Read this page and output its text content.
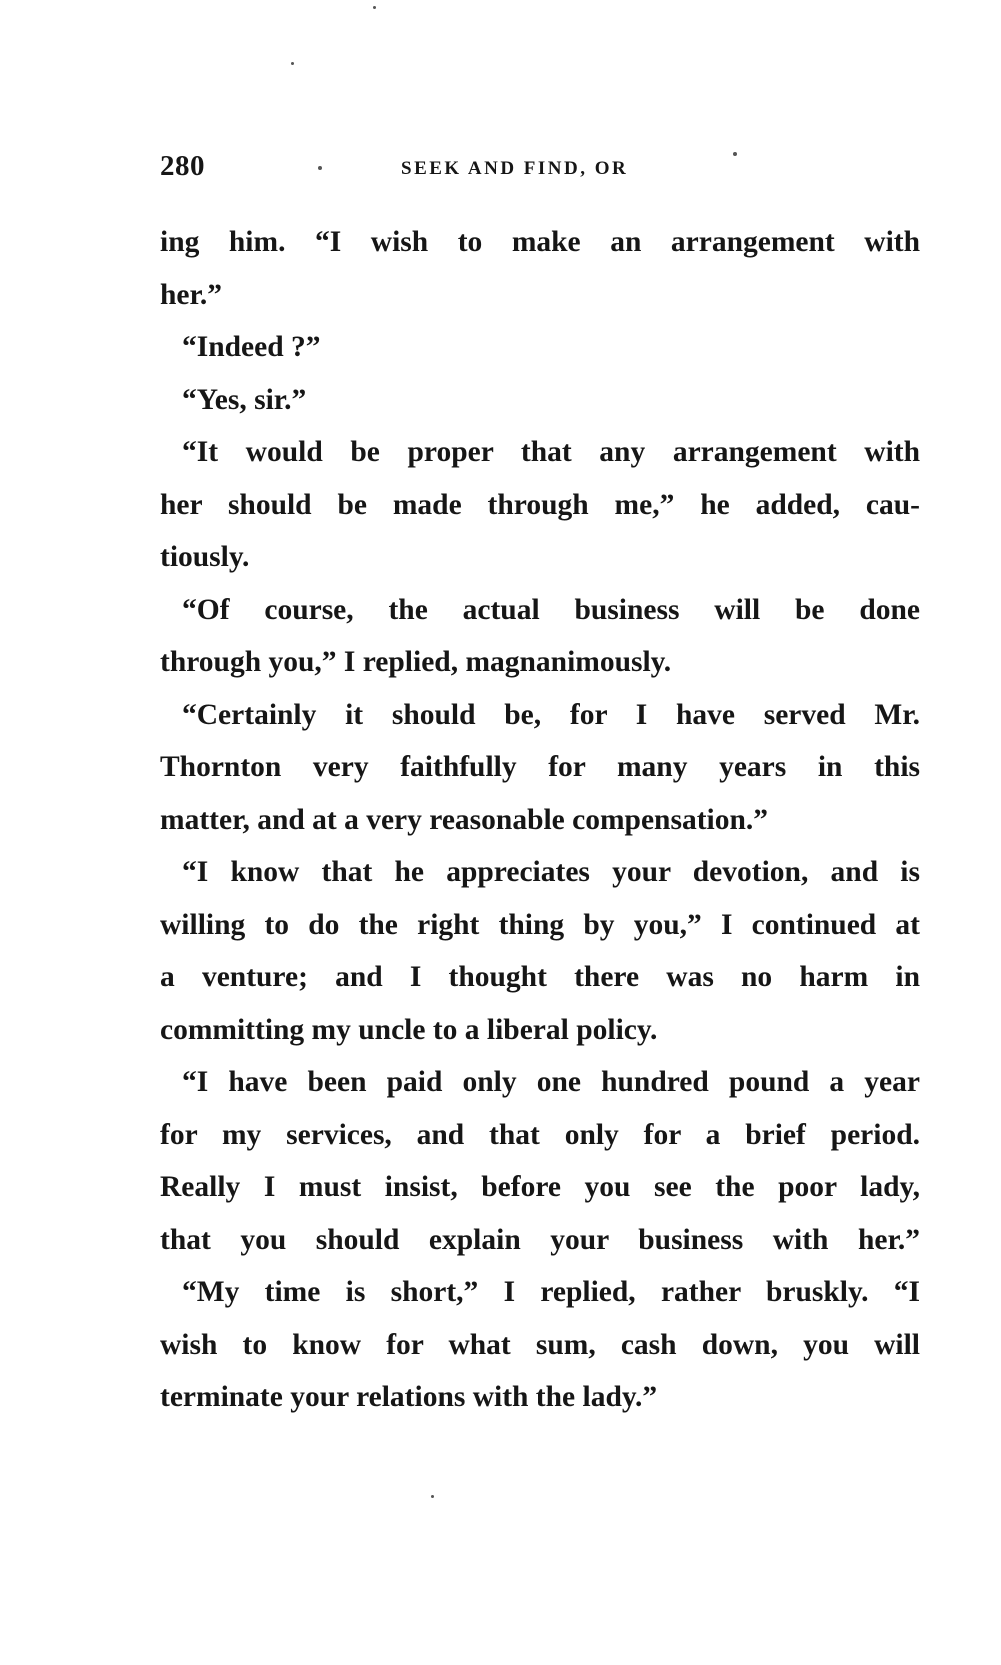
280	SEEK AND FIND, OR
ing him. “I wish to make an arrangement with
her.”
“Indeed ?”
“Yes, sir.”
“It would be proper that any arrangement with
her should be made through me,” he added, cau-
tiously.
“Of course, the actual business will be done
through you,” I replied, magnanimously.
“Certainly it should be, for I have served Mr.
Thornton very faithfully for many years in this
matter, and at a very reasonable compensation.”
“I know that he appreciates your devotion, and is
willing to do the right thing by you,” I continued at
a venture; and I thought there was no harm in
committing my uncle to a liberal policy.
“I have been paid only one hundred pound a year
for my services, and that only for a brief period.
Really I must insist, before you see the poor lady,
that you should explain your business with her.”
“My time is short,” I replied, rather bruskly. “I
wish to know for what sum, cash down, you will
terminate your relations with the lady.”
